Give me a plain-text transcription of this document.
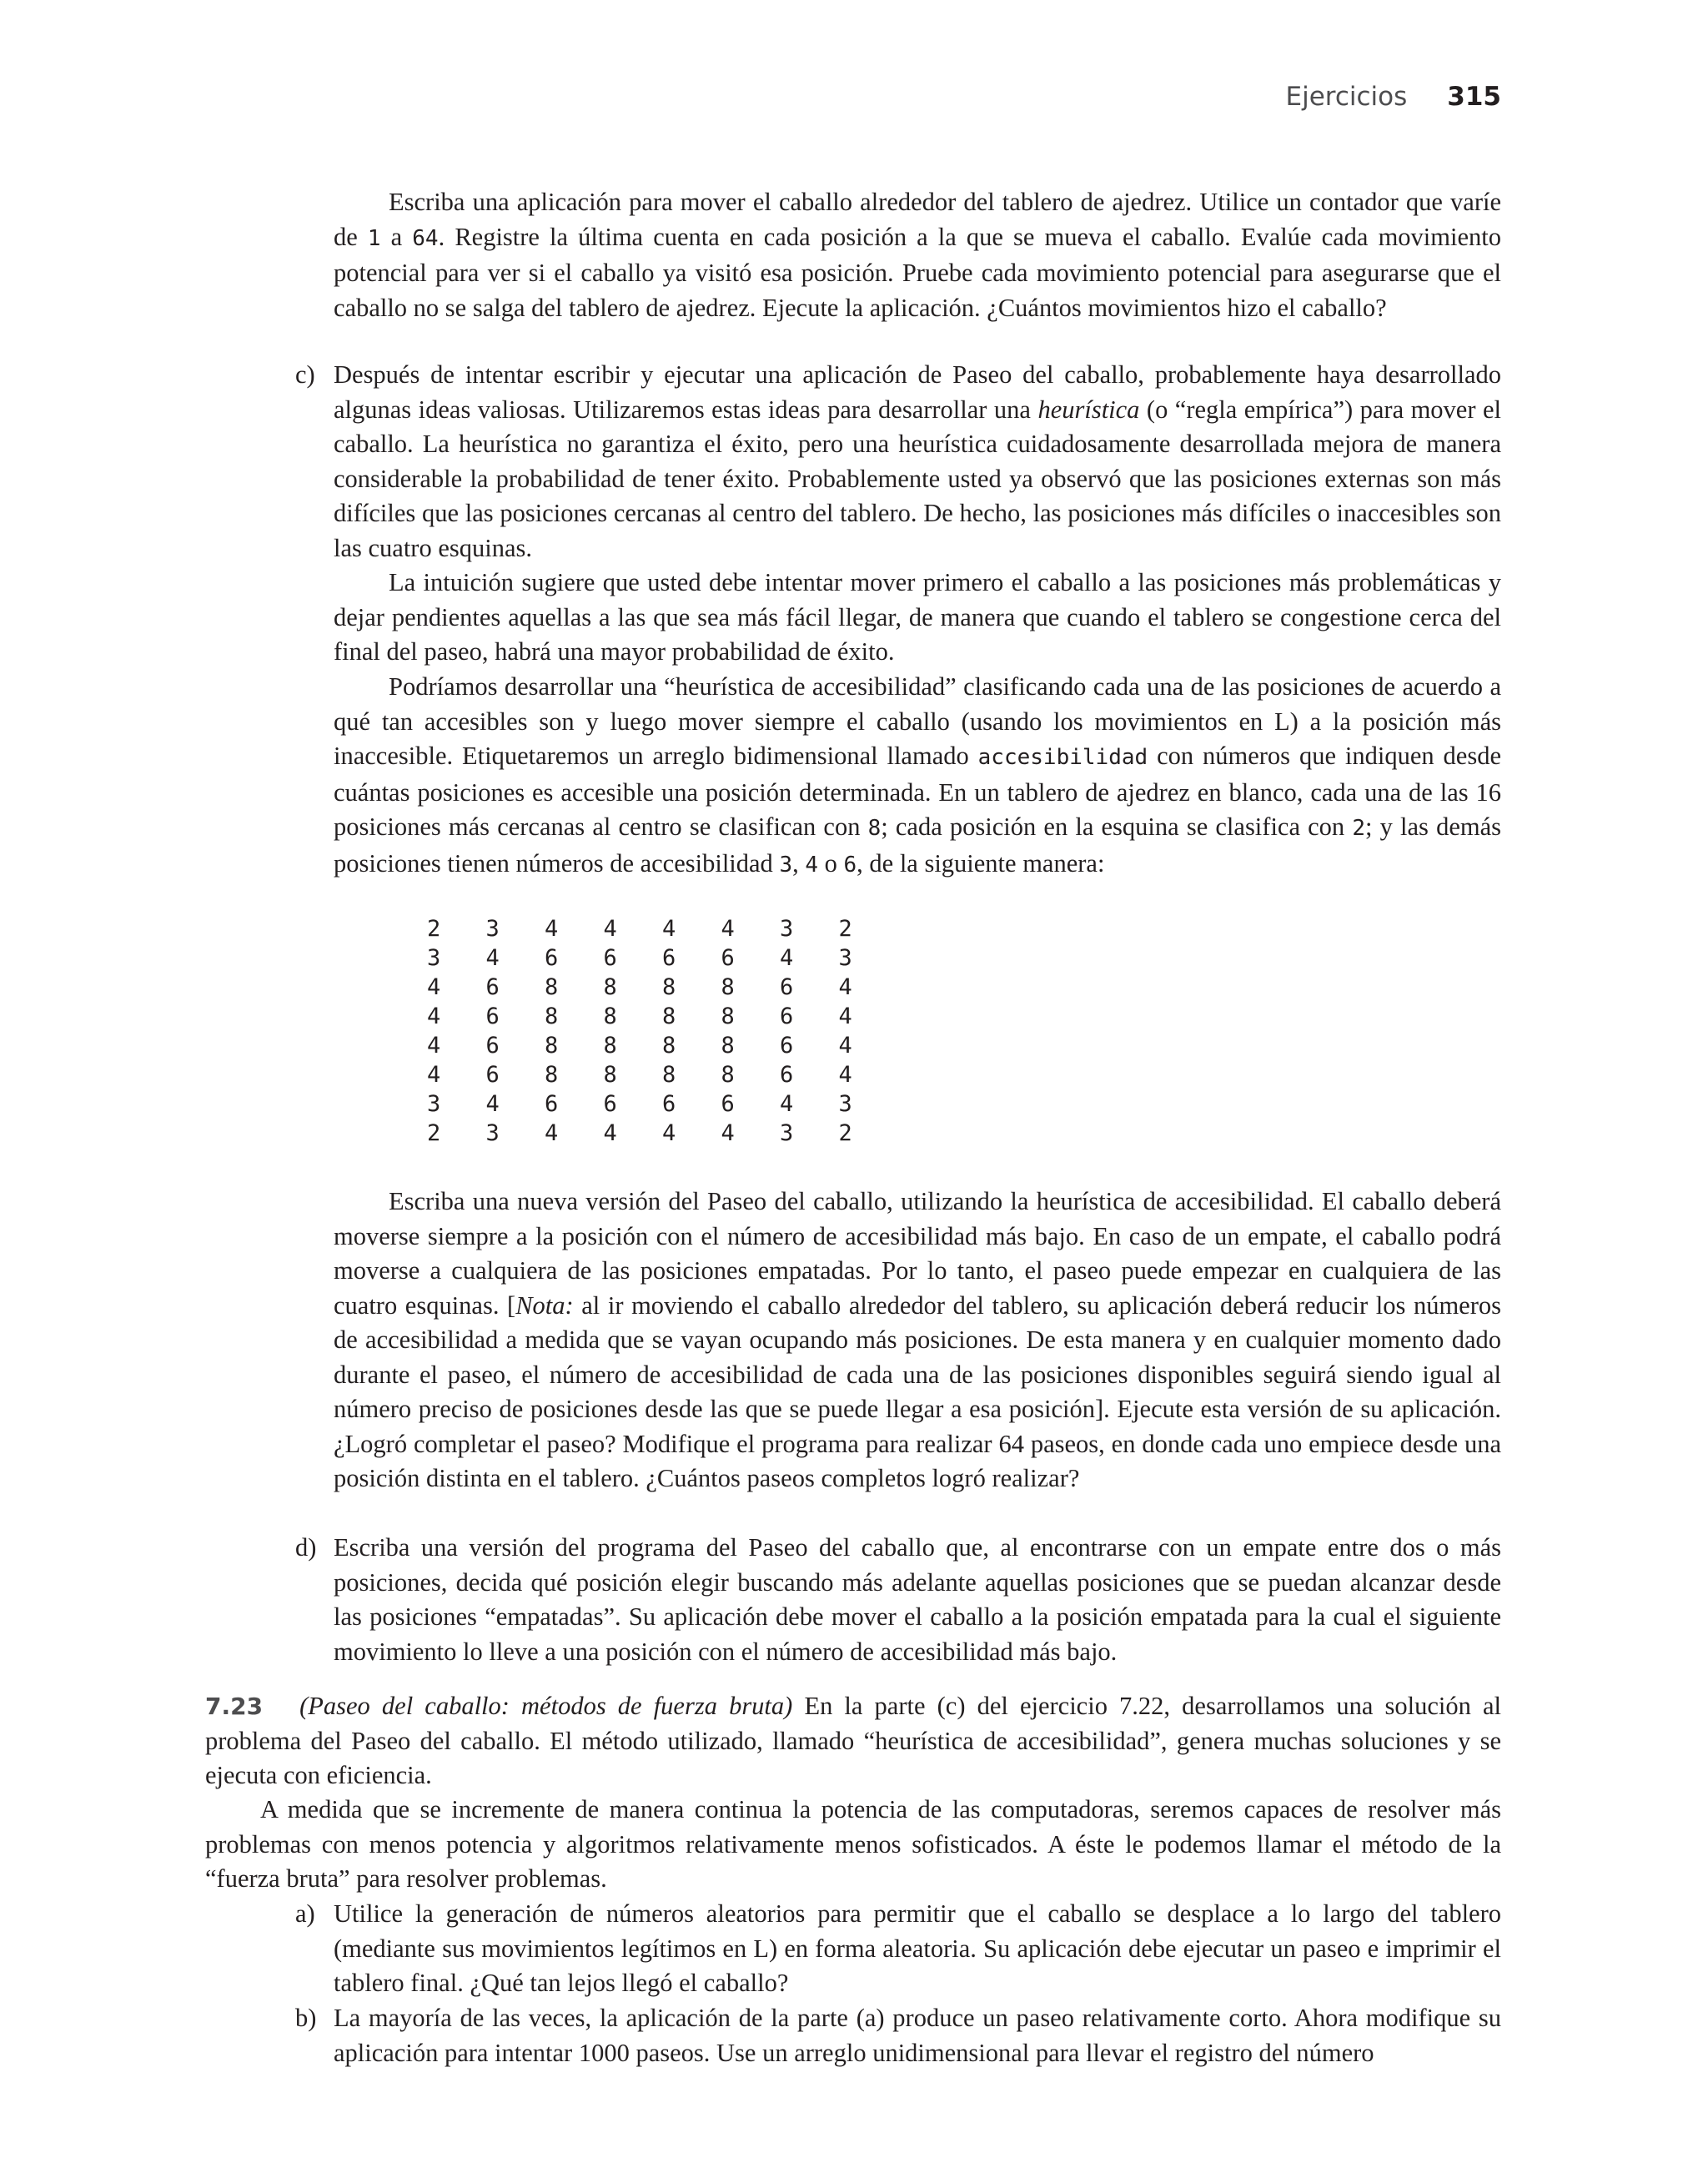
Ejercicios 315

Escriba una aplicación para mover el caballo alrededor del tablero de ajedrez. Utilice un contador que varíe de 1 a 64. Registre la última cuenta en cada posición a la que se mueva el caballo. Evalúe cada movimiento potencial para ver si el caballo ya visitó esa posición. Pruebe cada movimiento potencial para asegurarse que el caballo no se salga del tablero de ajedrez. Ejecute la aplicación. ¿Cuántos movimientos hizo el caballo?

c) Después de intentar escribir y ejecutar una aplicación de Paseo del caballo, probablemente haya desarrollado algunas ideas valiosas. Utilizaremos estas ideas para desarrollar una heurística (o “regla empírica”) para mover el caballo. La heurística no garantiza el éxito, pero una heurística cuidadosamente desarrollada mejora de manera considerable la probabilidad de tener éxito. Probablemente usted ya observó que las posiciones externas son más difíciles que las posiciones cercanas al centro del tablero. De hecho, las posiciones más difíciles o inaccesibles son las cuatro esquinas.

La intuición sugiere que usted debe intentar mover primero el caballo a las posiciones más problemáticas y dejar pendientes aquellas a las que sea más fácil llegar, de manera que cuando el tablero se congestione cerca del final del paseo, habrá una mayor probabilidad de éxito.

Podríamos desarrollar una “heurística de accesibilidad” clasificando cada una de las posiciones de acuerdo a qué tan accesibles son y luego mover siempre el caballo (usando los movimientos en L) a la posición más inaccesible. Etiquetaremos un arreglo bidimensional llamado accesibilidad con números que indiquen desde cuántas posiciones es accesible una posición determinada. En un tablero de ajedrez en blanco, cada una de las 16 posiciones más cercanas al centro se clasifican con 8; cada posición en la esquina se clasifica con 2; y las demás posiciones tienen números de accesibilidad 3, 4 o 6, de la siguiente manera:

2	3	4	4	4	4	3	2
3	4	6	6	6	6	4	3
4	6	8	8	8	8	6	4
4	6	8	8	8	8	6	4
4	6	8	8	8	8	6	4
4	6	8	8	8	8	6	4
3	4	6	6	6	6	4	3
2	3	4	4	4	4	3	2

Escriba una nueva versión del Paseo del caballo, utilizando la heurística de accesibilidad. El caballo deberá moverse siempre a la posición con el número de accesibilidad más bajo. En caso de un empate, el caballo podrá moverse a cualquiera de las posiciones empatadas. Por lo tanto, el paseo puede empezar en cualquiera de las cuatro esquinas. [Nota: al ir moviendo el caballo alrededor del tablero, su aplicación deberá reducir los números de accesibilidad a medida que se vayan ocupando más posiciones. De esta manera y en cualquier momento dado durante el paseo, el número de accesibilidad de cada una de las posiciones disponibles seguirá siendo igual al número preciso de posiciones desde las que se puede llegar a esa posición]. Ejecute esta versión de su aplicación. ¿Logró completar el paseo? Modifique el programa para realizar 64 paseos, en donde cada uno empiece desde una posición distinta en el tablero. ¿Cuántos paseos completos logró realizar?

d) Escriba una versión del programa del Paseo del caballo que, al encontrarse con un empate entre dos o más posiciones, decida qué posición elegir buscando más adelante aquellas posiciones que se puedan alcanzar desde las posiciones “empatadas”. Su aplicación debe mover el caballo a la posición empatada para la cual el siguiente movimiento lo lleve a una posición con el número de accesibilidad más bajo.

7.23 (Paseo del caballo: métodos de fuerza bruta) En la parte (c) del ejercicio 7.22, desarrollamos una solución al problema del Paseo del caballo. El método utilizado, llamado “heurística de accesibilidad”, genera muchas soluciones y se ejecuta con eficiencia.

A medida que se incremente de manera continua la potencia de las computadoras, seremos capaces de resolver más problemas con menos potencia y algoritmos relativamente menos sofisticados. A éste le podemos llamar el método de la “fuerza bruta” para resolver problemas.

a) Utilice la generación de números aleatorios para permitir que el caballo se desplace a lo largo del tablero (mediante sus movimientos legítimos en L) en forma aleatoria. Su aplicación debe ejecutar un paseo e imprimir el tablero final. ¿Qué tan lejos llegó el caballo?
b) La mayoría de las veces, la aplicación de la parte (a) produce un paseo relativamente corto. Ahora modifique su aplicación para intentar 1000 paseos. Use un arreglo unidimensional para llevar el registro del número
